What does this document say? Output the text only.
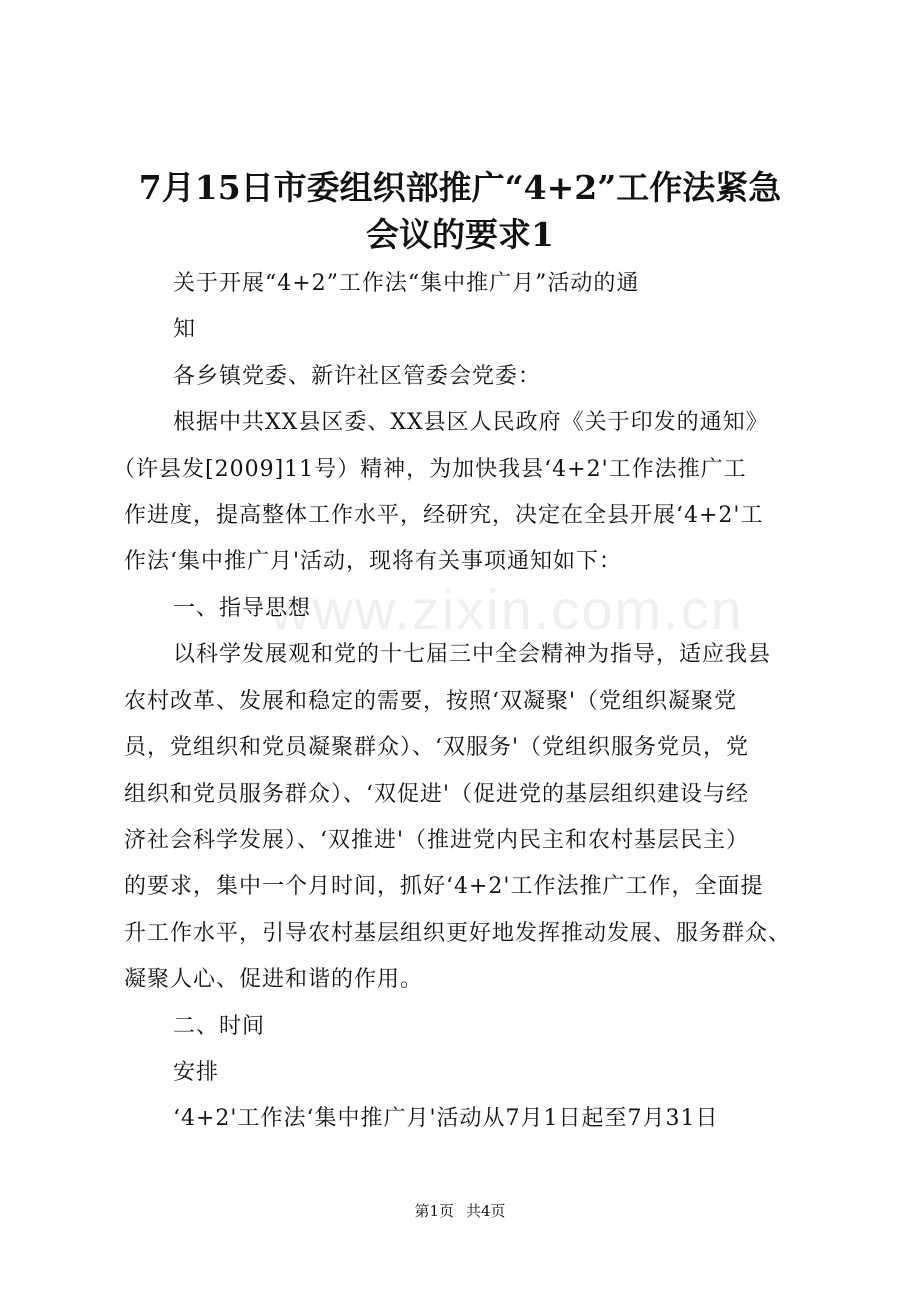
www.zixin.com.cn
7月15日市委组织部推广“4+2”工作法紧急
会议的要求1
关于开展“4+2”工作法“集中推广月”活动的通
知
各乡镇党委、新许社区管委会党委：
根据中共XX县区委、XX县区人民政府《关于印发的通知》
（许县发[2009]11号）精神，为加快我县‘4+2'工作法推广工
作进度，提高整体工作水平，经研究，决定在全县开展‘4+2'工
作法‘集中推广月'活动，现将有关事项通知如下：
一、指导思想
以科学发展观和党的十七届三中全会精神为指导，适应我县
农村改革、发展和稳定的需要，按照‘双凝聚'（党组织凝聚党
员，党组织和党员凝聚群众）、‘双服务'（党组织服务党员，党
组织和党员服务群众）、‘双促进'（促进党的基层组织建设与经
济社会科学发展）、‘双推进'（推进党内民主和农村基层民主）
的要求，集中一个月时间，抓好‘4+2'工作法推广工作，全面提
升工作水平，引导农村基层组织更好地发挥推动发展、服务群众、
凝聚人心、促进和谐的作用。
二、时间
安排
‘4+2'工作法‘集中推广月'活动从7月1日起至7月31日
第1页 共4页
